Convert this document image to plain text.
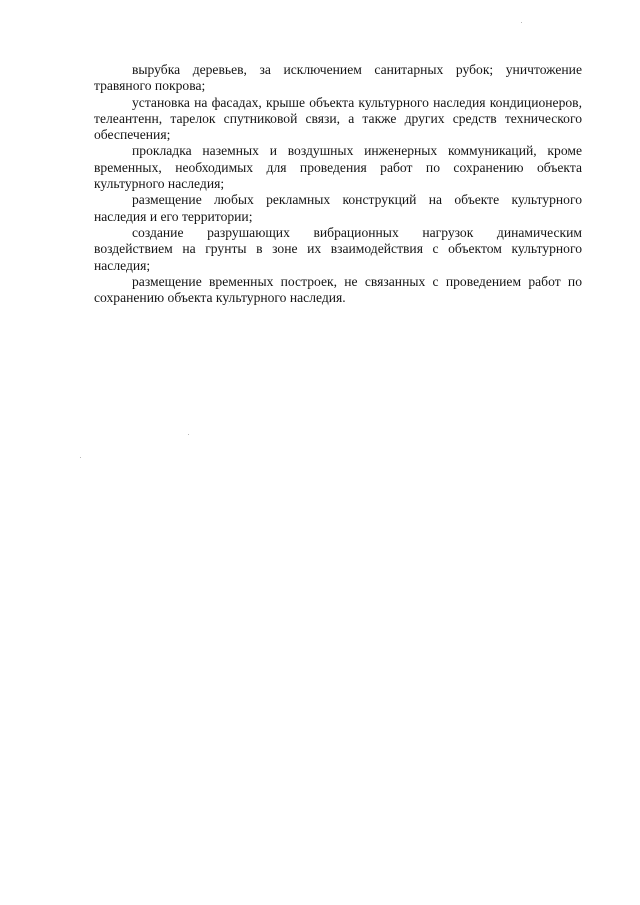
вырубка деревьев, за исключением санитарных рубок; уничтожение травяного покрова;

установка на фасадах, крыше объекта культурного наследия кондиционеров, телеантенн, тарелок спутниковой связи, а также других средств технического обеспечения;

прокладка наземных и воздушных инженерных коммуникаций, кроме временных, необходимых для проведения работ по сохранению объекта культурного наследия;

размещение любых рекламных конструкций на объекте культурного наследия и его территории;

создание разрушающих вибрационных нагрузок динамическим воздействием на грунты в зоне их взаимодействия с объектом культурного наследия;

размещение временных построек, не связанных с проведением работ по сохранению объекта культурного наследия.
